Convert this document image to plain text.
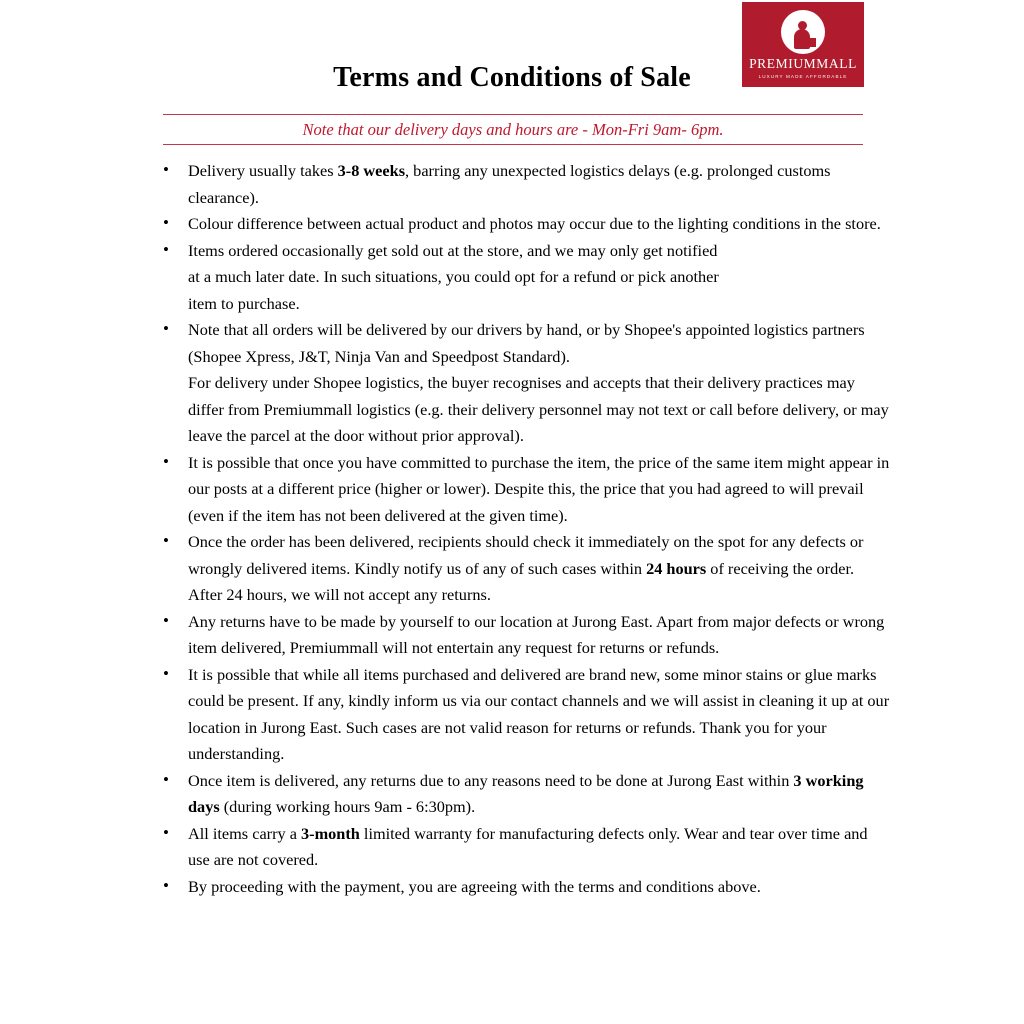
PREMIUMMALL
LUXURY MADE AFFORDABLE
Terms and Conditions of Sale
Note that our delivery days and hours are - Mon-Fri 9am- 6pm.
• Delivery usually takes 3-8 weeks, barring any unexpected logistics delays (e.g. prolonged customs clearance).
• Colour difference between actual product and photos may occur due to the lighting conditions in the store.
• Items ordered occasionally get sold out at the store, and we may only get notified
at a much later date. In such situations, you could opt for a refund or pick another
item to purchase.
• Note that all orders will be delivered by our drivers by hand, or by Shopee's appointed logistics partners (Shopee Xpress, J&T, Ninja Van and Speedpost Standard).
For delivery under Shopee logistics, the buyer recognises and accepts that their delivery practices may differ from Premiummall logistics (e.g. their delivery personnel may not text or call before delivery, or may leave the parcel at the door without prior approval).
• It is possible that once you have committed to purchase the item, the price of the same item might appear in our posts at a different price (higher or lower). Despite this, the price that you had agreed to will prevail (even if the item has not been delivered at the given time).
• Once the order has been delivered, recipients should check it immediately on the spot for any defects or wrongly delivered items. Kindly notify us of any of such cases within 24 hours of receiving the order. After 24 hours, we will not accept any returns.
• Any returns have to be made by yourself to our location at Jurong East. Apart from major defects or wrong item delivered, Premiummall will not entertain any request for returns or refunds.
• It is possible that while all items purchased and delivered are brand new, some minor stains or glue marks could be present. If any, kindly inform us via our contact channels and we will assist in cleaning it up at our location in Jurong East. Such cases are not valid reason for returns or refunds. Thank you for your understanding.
• Once item is delivered, any returns due to any reasons need to be done at Jurong East within 3 working days (during working hours 9am - 6:30pm).
• All items carry a 3-month limited warranty for manufacturing defects only. Wear and tear over time and use are not covered.
• By proceeding with the payment, you are agreeing with the terms and conditions above.
